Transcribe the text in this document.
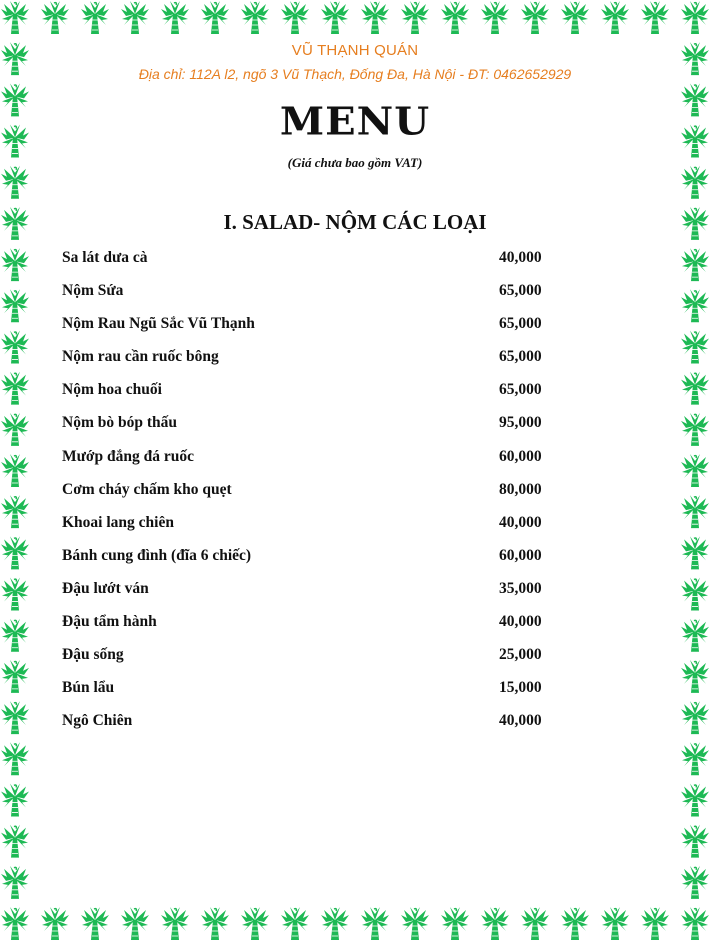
VŨ THẠNH QUÁN
Địa chỉ: 112A l2, ngõ 3 Vũ Thạch, Đống Đa, Hà Nội - ĐT: 0462652929
MENU
(Giá chưa bao gồm VAT)
I. SALAD- NỘM CÁC LOẠI
Sa lát dưa cà	40,000
Nộm Sứa	65,000
Nộm Rau Ngũ Sắc Vũ Thạnh	65,000
Nộm rau cần ruốc bông	65,000
Nộm hoa chuối	65,000
Nộm bò bóp thấu	95,000
Mướp đắng đá ruốc	60,000
Cơm cháy chấm kho quẹt	80,000
Khoai lang chiên	40,000
Bánh cung đình (đĩa 6 chiếc)	60,000
Đậu lướt ván	35,000
Đậu tẩm hành	40,000
Đậu sống	25,000
Bún lẩu	15,000
Ngô Chiên	40,000
